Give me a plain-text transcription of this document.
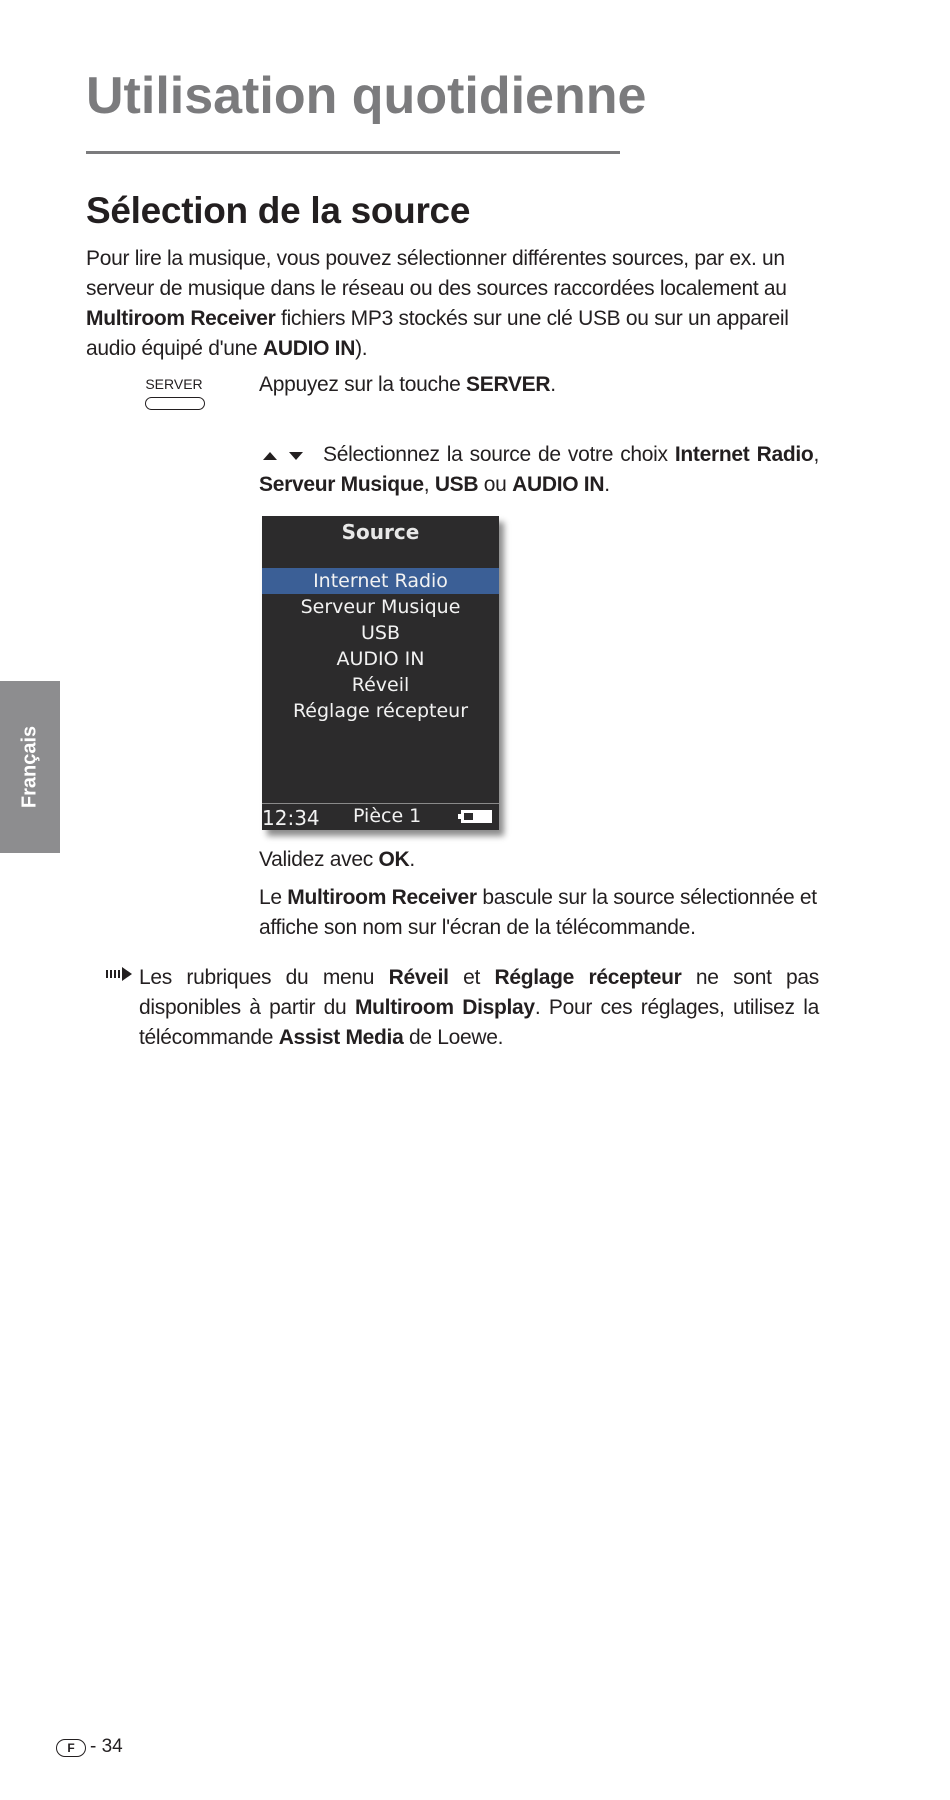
Utilisation quotidienne
Sélection de la source

Pour lire la musique, vous pouvez sélectionner différentes sources, par ex. un serveur de musique dans le réseau ou des sources raccordées localement au Multiroom Receiver fichiers MP3 stockés sur une clé USB ou sur un appareil audio équipé d'une AUDIO IN).

SERVER	Appuyez sur la touche SERVER.

Sélectionnez la source de votre choix Internet Radio, Serveur Musique, USB ou AUDIO IN.

Source
Internet Radio
Serveur Musique
USB
AUDIO IN
Réveil
Réglage récepteur
12:34 Pièce 1

Validez avec OK.

Le Multiroom Receiver bascule sur la source sélectionnée et affiche son nom sur l'écran de la télécommande.

Les rubriques du menu Réveil et Réglage récepteur ne sont pas disponibles à partir du Multiroom Display. Pour ces réglages, utilisez la télécommande Assist Media de Loewe.

Français
F - 34
